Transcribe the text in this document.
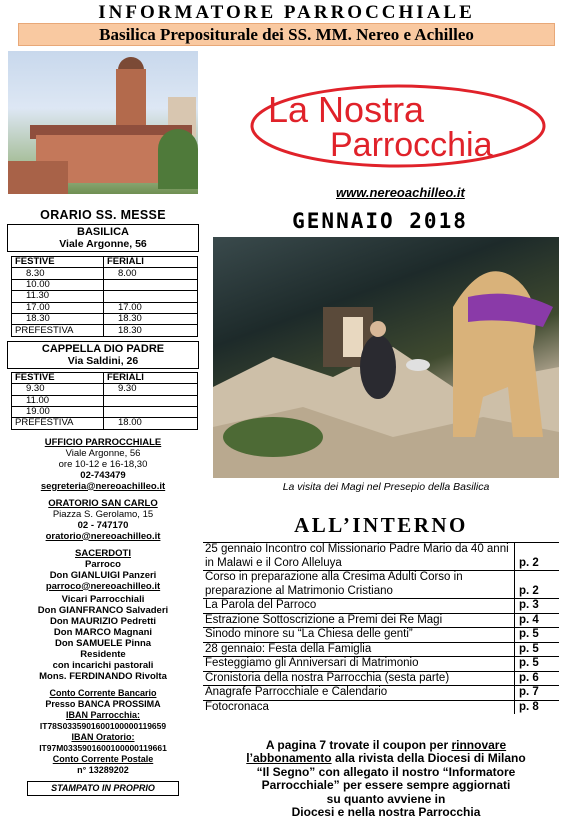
INFORMATORE PARROCCHIALE
Basilica Prepositurale dei SS. MM. Nereo e Achilleo
La Nostra
Parrocchia
www.nereoachilleo.it
ORARIO SS. MESSE
BASILICA
Viale Argonne, 56
FESTIVE	FERIALI
8.30	8.00
10.00	
11.30	
17.00	17.00
18.30	18.30
PREFESTIVA	18.30
CAPPELLA DIO PADRE
Via Saldini, 26
FESTIVE	FERIALI
9.30	9.30
11.00	
19.00	
PREFESTIVA	18.00
UFFICIO PARROCCHIALE
Viale Argonne, 56
ore 10-12 e 16-18,30
02-743479
segreteria@nereoachilleo.it
ORATORIO SAN CARLO
Piazza S. Gerolamo, 15
02 - 747170
oratorio@nereoachilleo.it
SACERDOTI
Parroco
Don GIANLUIGI Panzeri
parroco@nereoachilleo.it
Vicari Parrocchiali
Don GIANFRANCO Salvaderi
Don MAURIZIO Pedretti
Don MARCO Magnani
Don SAMUELE Pinna
Residente
con incarichi pastorali
Mons. FERDINANDO Rivolta
Conto Corrente Bancario
Presso BANCA PROSSIMA
IBAN Parrocchia:
IT78S0335901600100000119659
IBAN Oratorio:
IT97M0335901600100000119661
Conto Corrente Postale
n° 13289202
STAMPATO IN PROPRIO
GENNAIO 2018
La visita dei Magi nel Presepio della Basilica
ALL’INTERNO
25 gennaio Incontro col Missionario Padre Mario da 40 anni in Malawi e il Coro Alleluya	p. 2
Corso in preparazione alla Cresima Adulti Corso in preparazione al Matrimonio Cristiano	p. 2
La Parola del Parroco	p. 3
Estrazione Sottoscrizione a Premi dei Re Magi	p. 4
Sinodo minore su “La Chiesa delle genti”	p. 5
28 gennaio: Festa della Famiglia	p. 5
Festeggiamo gli Anniversari di Matrimonio	p. 5
Cronistoria della nostra Parrocchia (sesta parte)	p. 6
Anagrafe Parrocchiale e Calendario	p. 7
Fotocronaca	p. 8
A pagina 7 trovate il coupon per rinnovare
l’abbonamento alla rivista della Diocesi di Milano
“Il Segno” con allegato il nostro “Informatore
Parrocchiale” per essere sempre aggiornati
su quanto avviene in
Diocesi e nella nostra Parrocchia
